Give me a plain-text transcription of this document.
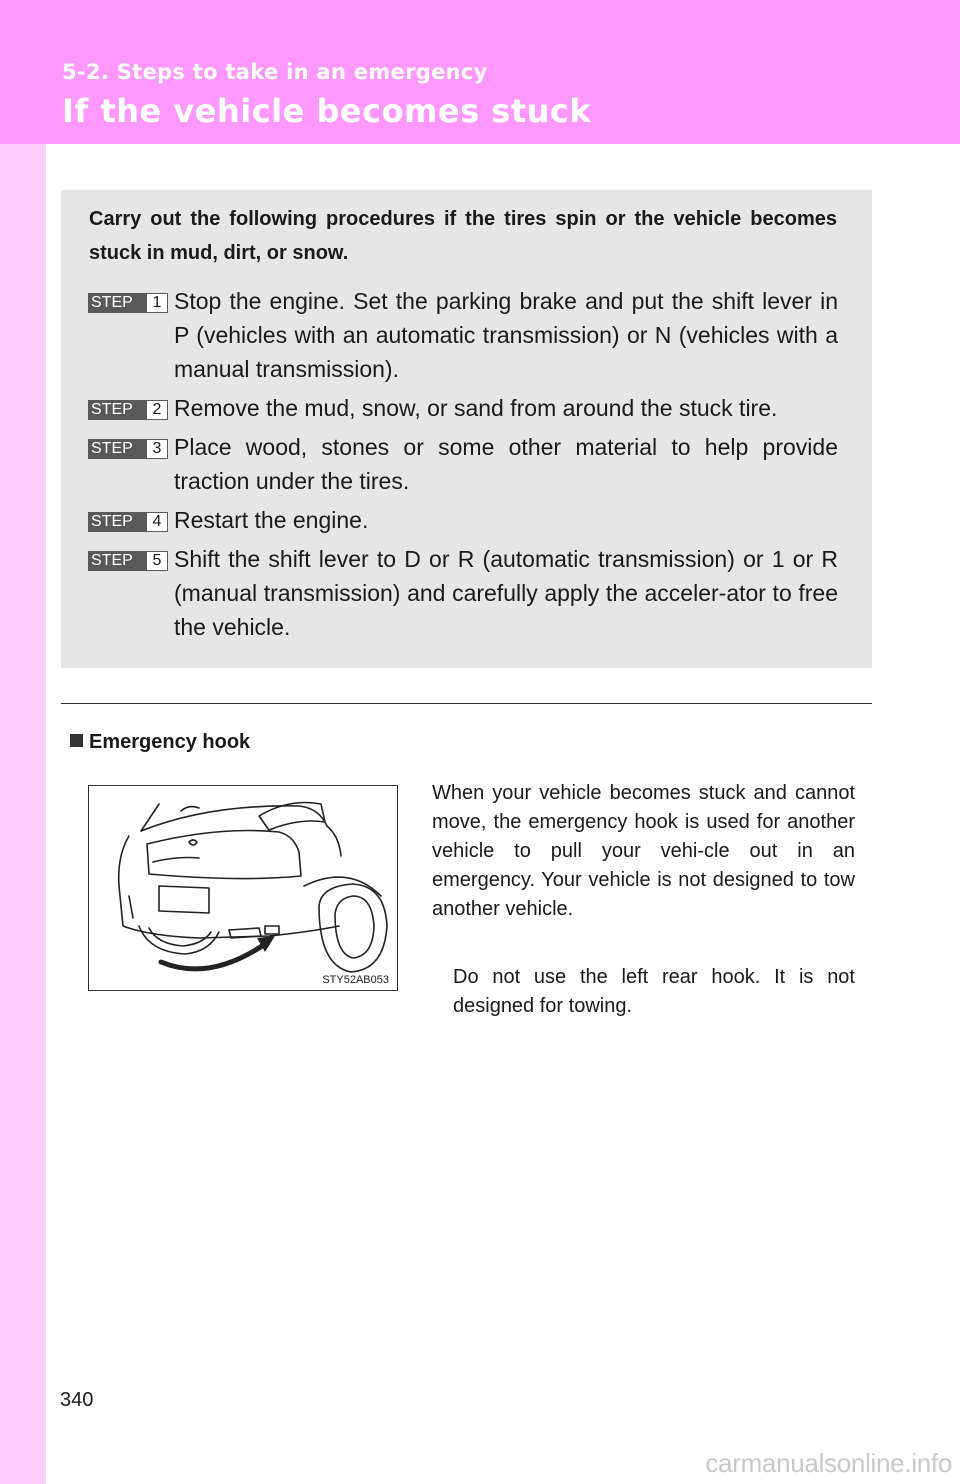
5-2. Steps to take in an emergency
If the vehicle becomes stuck
Carry out the following procedures if the tires spin or the vehicle becomes stuck in mud, dirt, or snow.
STEP	1 Stop the engine. Set the parking brake and put the shift lever in P (vehicles with an automatic transmission) or N (vehicles with a manual transmission).
STEP	2 Remove the mud, snow, or sand from around the stuck tire.
STEP	3 Place wood, stones or some other material to help provide traction under the tires.
STEP	4 Restart the engine.
STEP	5 Shift the shift lever to D or R (automatic transmission) or 1 or R (manual transmission) and carefully apply the acceler-ator to free the vehicle.
Emergency hook
STY52AB053
When your vehicle becomes stuck and cannot move, the emergency hook is used for another vehicle to pull your vehi-cle out in an emergency. Your vehicle is not designed to tow another vehicle.
Do not use the left rear hook. It is not designed for towing.
340
carmanualsonline.info
